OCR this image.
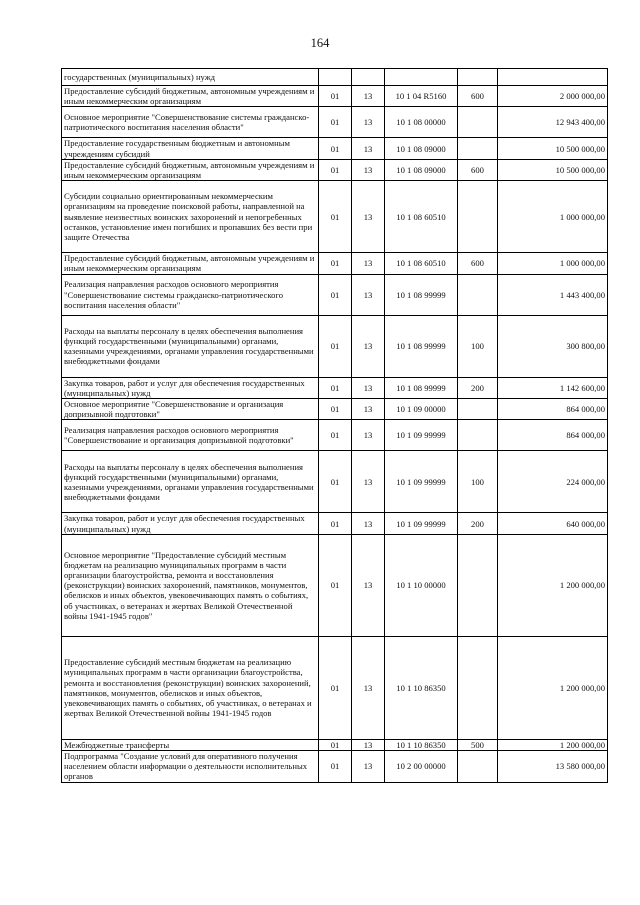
164
государственных (муниципальных) нужд					
Предоставление субсидий бюджетным, автономным учреждениям и иным некоммерческим организациям	01	13	10 1 04 R5160	600	2 000 000,00
Основное мероприятие "Совершенствование системы гражданско-патриотического воспитания населения области"	01	13	10 1 08 00000		12 943 400,00
Предоставление государственным бюджетным и автономным учреждениям субсидий	01	13	10 1 08 09000		10 500 000,00
Предоставление субсидий бюджетным, автономным учреждениям и иным некоммерческим организациям	01	13	10 1 08 09000	600	10 500 000,00
Субсидии социально ориентированным некоммерческим организациям на проведение поисковой работы, направленной на выявление неизвестных воинских захоронений и непогребенных останков, установление имен погибших и пропавших без вести при защите Отечества	01	13	10 1 08 60510		1 000 000,00
Предоставление субсидий бюджетным, автономным учреждениям и иным некоммерческим организациям	01	13	10 1 08 60510	600	1 000 000,00
Реализация направления расходов основного мероприятия "Совершенствование системы гражданско-патриотического воспитания населения области"	01	13	10 1 08 99999		1 443 400,00
Расходы на выплаты персоналу в целях обеспечения выполнения функций государственными (муниципальными) органами, казенными учреждениями, органами управления государственными внебюджетными фондами	01	13	10 1 08 99999	100	300 800,00
Закупка товаров, работ и услуг для обеспечения государственных (муниципальных) нужд	01	13	10 1 08 99999	200	1 142 600,00
Основное мероприятие "Совершенствование и организация допризывной подготовки"	01	13	10 1 09 00000		864 000,00
Реализация направления расходов основного мероприятия "Совершенствование и организация допризывной подготовки"	01	13	10 1 09 99999		864 000,00
Расходы на выплаты персоналу в целях обеспечения выполнения функций государственными (муниципальными) органами, казенными учреждениями, органами управления государственными внебюджетными фондами	01	13	10 1 09 99999	100	224 000,00
Закупка товаров, работ и услуг для обеспечения государственных (муниципальных) нужд	01	13	10 1 09 99999	200	640 000,00
Основное мероприятие "Предоставление субсидий местным бюджетам на реализацию муниципальных программ в части организации благоустройства, ремонта и восстановления (реконструкции) воинских захоронений, памятников, монументов, обелисков и иных объектов, увековечивающих память о событиях, об участниках, о ветеранах и жертвах Великой Отечественной войны 1941-1945 годов"	01	13	10 1 10 00000		1 200 000,00
Предоставление субсидий местным бюджетам на реализацию муниципальных программ в части организации благоустройства, ремонта и восстановления (реконструкции) воинских захоронений, памятников, монументов, обелисков и иных объектов, увековечивающих память о событиях, об участниках, о ветеранах и жертвах Великой Отечественной войны 1941-1945 годов	01	13	10 1 10 86350		1 200 000,00
Межбюджетные трансферты	01	13	10 1 10 86350	500	1 200 000,00
Подпрограмма "Создание условий для оперативного получения населением области информации о деятельности исполнительных органов	01	13	10 2 00 00000		13 580 000,00
